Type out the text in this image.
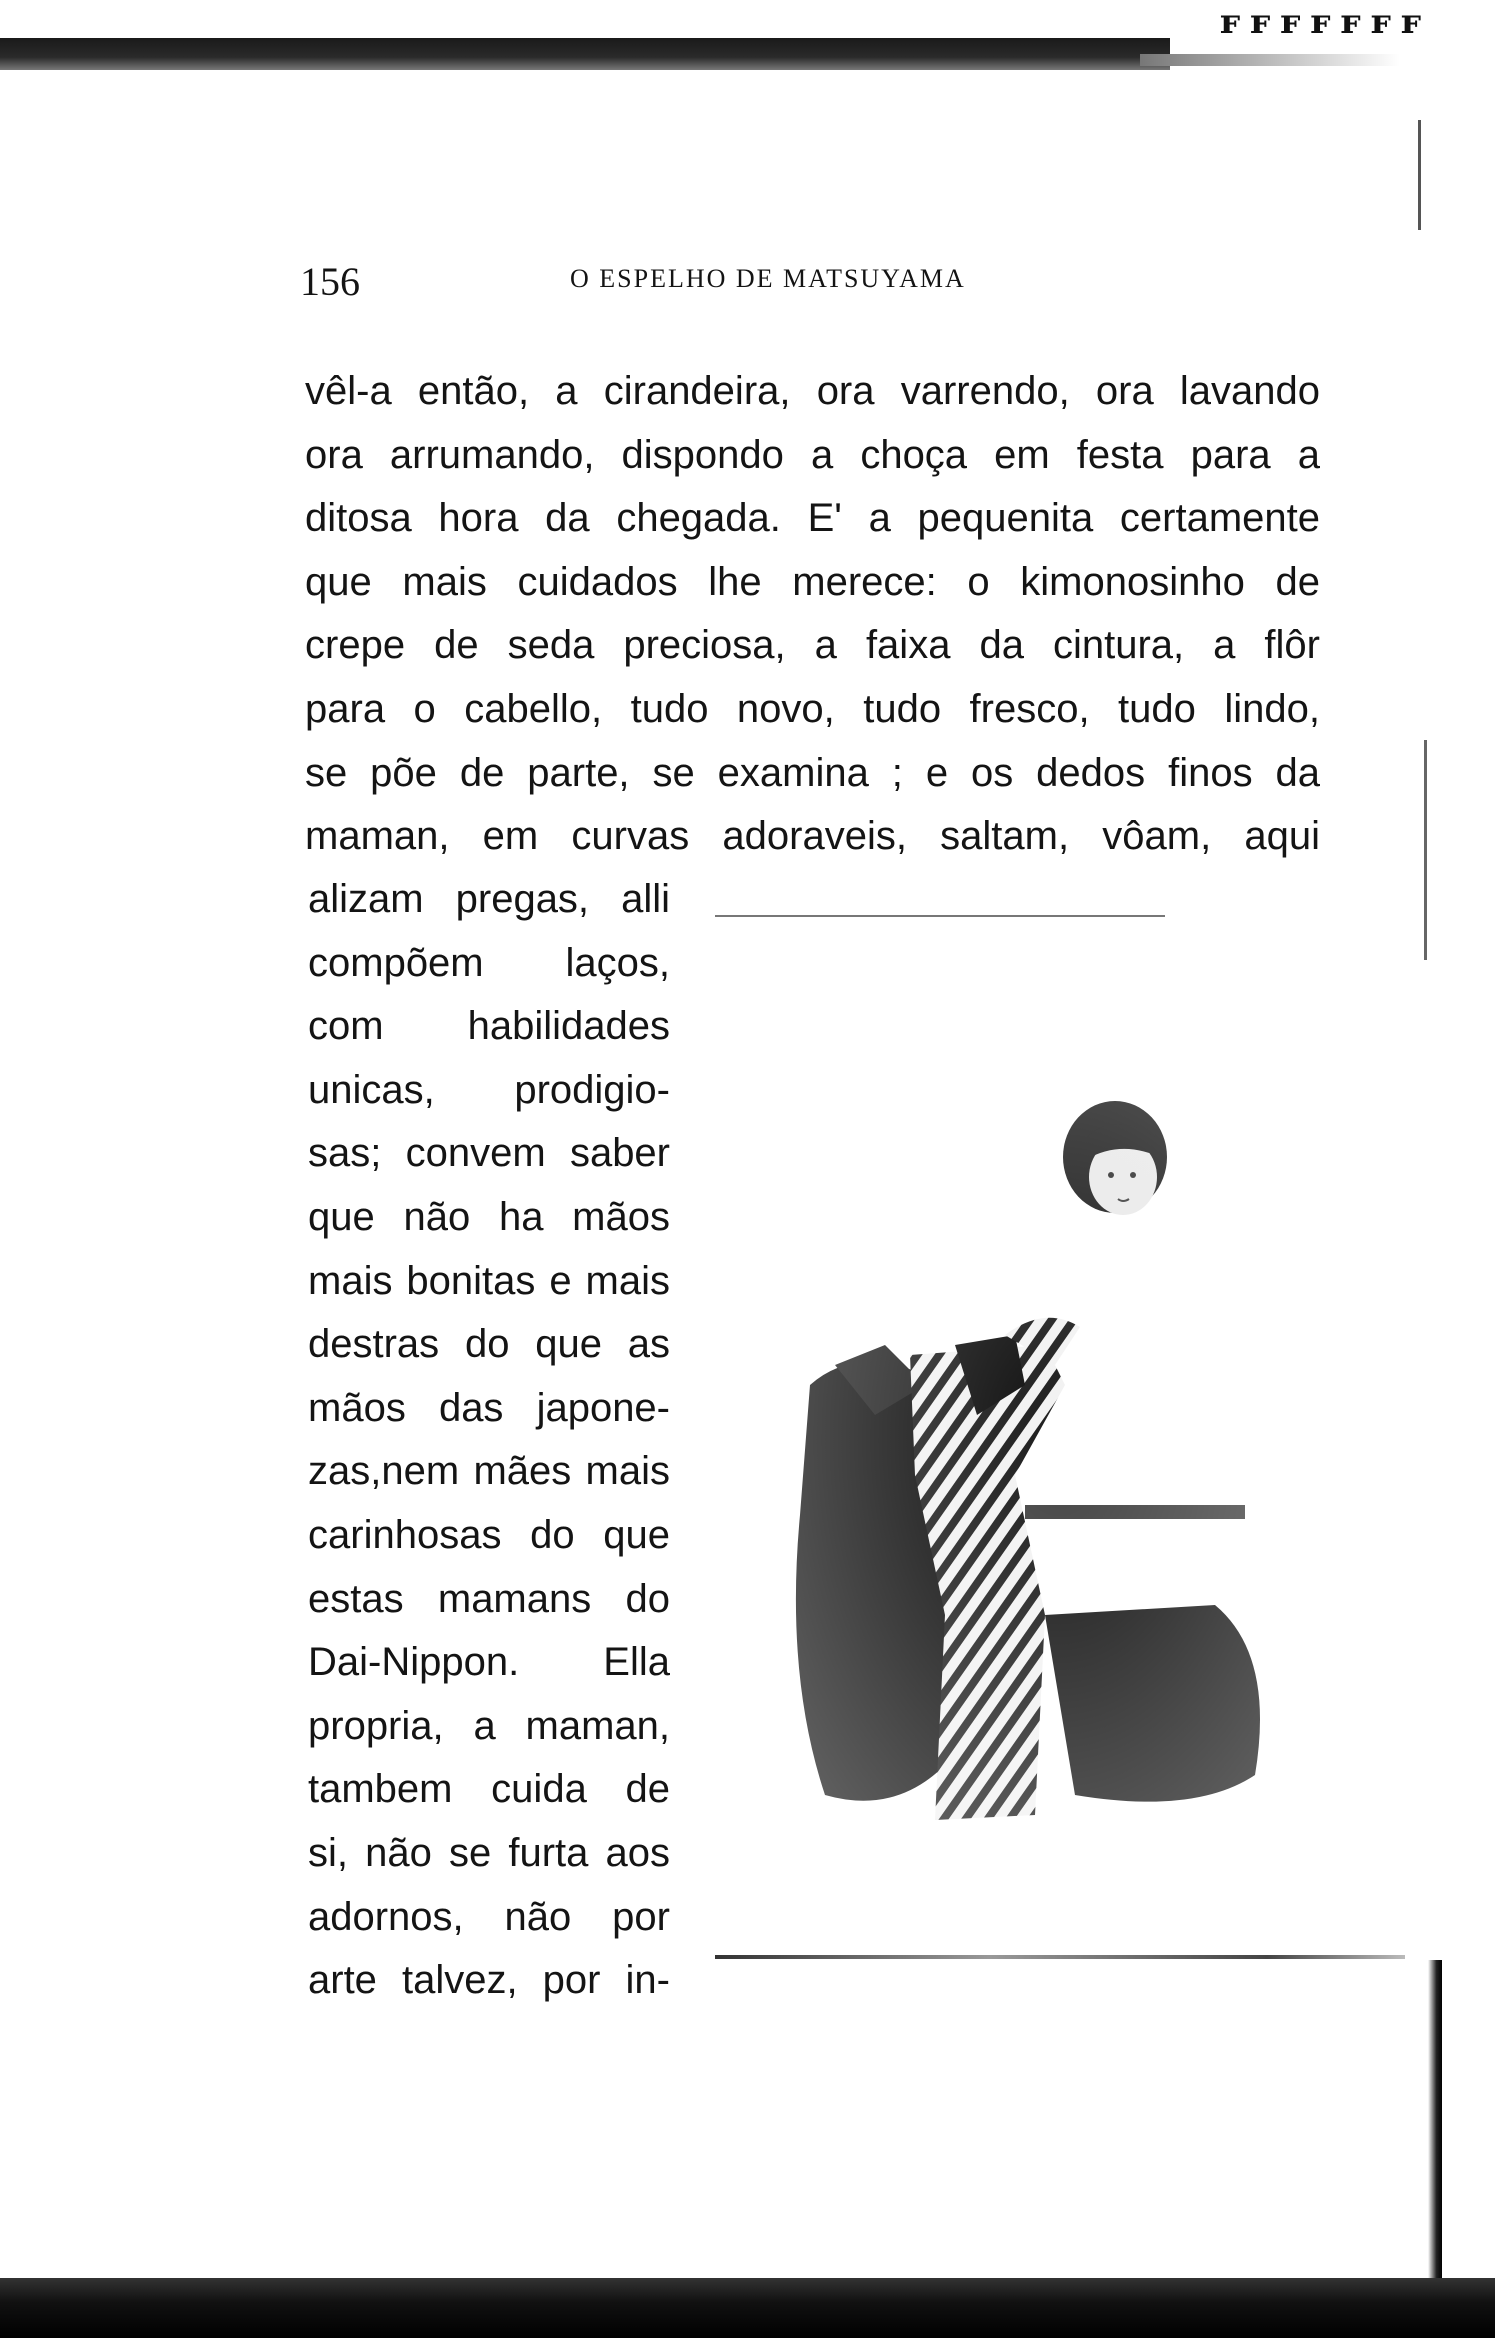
ꜰꜰꜰꜰꜰꜰꜰ
156	O ESPELHO DE MATSUYAMA
vêl-a então, a cirandeira, ora varrendo, ora lavando
ora arrumando, dispondo a choça em festa para a
ditosa hora da chegada. E' a pequenita certamente
que mais cuidados lhe merece: o kimonosinho de
crepe de seda preciosa, a faixa da cintura, a flôr
para o cabello, tudo novo, tudo fresco, tudo lindo,
se põe de parte, se examina ; e os dedos finos da
maman, em curvas adoraveis, saltam, vôam, aqui
alizam pregas, alli
compõem laços,
com habilidades
unicas, prodigio-
sas; convem saber
que não ha mãos
mais bonitas e mais
destras do que as
mãos das japone-
zas,nem mães mais
carinhosas do que
estas mamans do
Dai-Nippon. Ella
propria, a maman,
tambem cuida de
si, não se furta aos
adornos, não por
arte talvez, por in-
